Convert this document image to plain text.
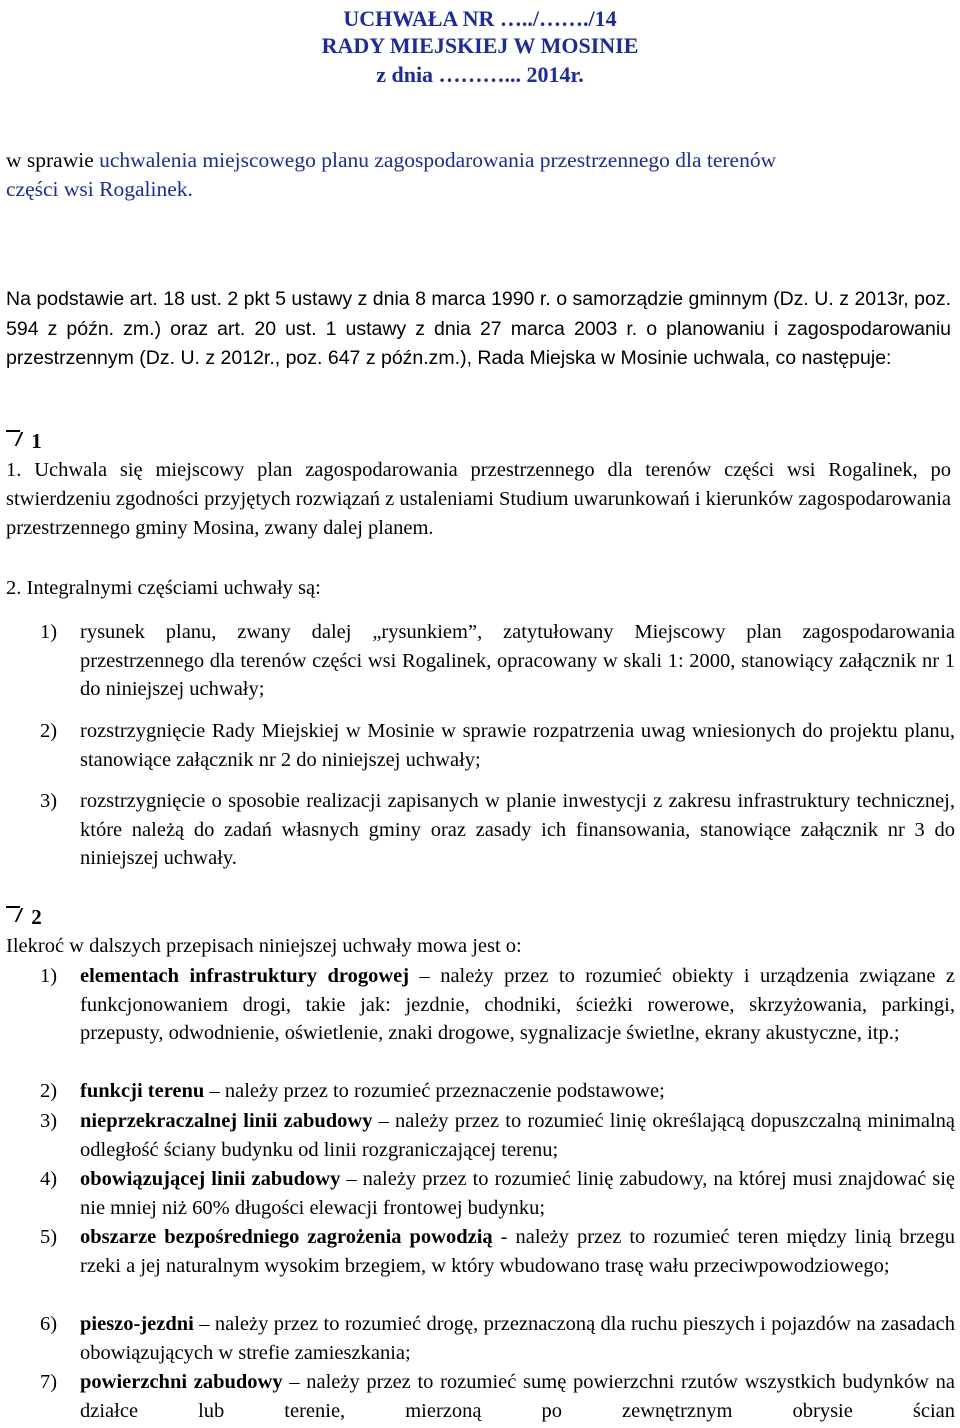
UCHWAŁA NR …../……./14
RADY MIEJSKIEJ W MOSINIE
z dnia ………... 2014r.
w sprawie uchwalenia miejscowego planu zagospodarowania przestrzennego dla terenów
części wsi Rogalinek.
Na podstawie art. 18 ust. 2 pkt 5 ustawy z dnia 8 marca 1990 r. o samorządzie gminnym (Dz. U. z 2013r, poz. 594 z późn. zm.) oraz art. 20 ust. 1 ustawy z dnia 27 marca 2003 r. o planowaniu i zagospodarowaniu przestrzennym (Dz. U. z 2012r., poz. 647 z późn.zm.), Rada Miejska w Mosinie uchwala, co następuje:
1
1. Uchwala się miejscowy plan zagospodarowania przestrzennego dla terenów części wsi Rogalinek, po stwierdzeniu zgodności przyjętych rozwiązań z ustaleniami Studium uwarunkowań i kierunków zagospodarowania przestrzennego gminy Mosina, zwany dalej planem.
2. Integralnymi częściami uchwały są:
1) rysunek planu, zwany dalej „rysunkiem”, zatytułowany Miejscowy plan zagospodarowania przestrzennego dla terenów części wsi Rogalinek, opracowany w skali 1: 2000, stanowiący załącznik nr 1 do niniejszej uchwały;
2) rozstrzygnięcie Rady Miejskiej w Mosinie w sprawie rozpatrzenia uwag wniesionych do projektu planu, stanowiące załącznik nr 2 do niniejszej uchwały;
3) rozstrzygnięcie o sposobie realizacji zapisanych w planie inwestycji z zakresu infrastruktury technicznej, które należą do zadań własnych gminy oraz zasady ich finansowania, stanowiące załącznik nr 3 do niniejszej uchwały.
2
Ilekroć w dalszych przepisach niniejszej uchwały mowa jest o:
1) elementach infrastruktury drogowej – należy przez to rozumieć obiekty i urządzenia związane z funkcjonowaniem drogi, takie jak: jezdnie, chodniki, ścieżki rowerowe, skrzyżowania, parkingi, przepusty, odwodnienie, oświetlenie, znaki drogowe, sygnalizacje świetlne, ekrany akustyczne, itp.;
2) funkcji terenu – należy przez to rozumieć przeznaczenie podstawowe;
3) nieprzekraczalnej linii zabudowy – należy przez to rozumieć linię określającą dopuszczalną minimalną odległość ściany budynku od linii rozgraniczającej terenu;
4) obowiązującej linii zabudowy – należy przez to rozumieć linię zabudowy, na której musi znajdować się nie mniej niż 60% długości elewacji frontowej budynku;
5) obszarze bezpośredniego zagrożenia powodzią - należy przez to rozumieć teren między linią brzegu rzeki a jej naturalnym wysokim brzegiem, w który wbudowano trasę wału przeciwpowodziowego;
6) pieszo-jezdni – należy przez to rozumieć drogę, przeznaczoną dla ruchu pieszych i pojazdów na zasadach obowiązujących w strefie zamieszkania;
7) powierzchni zabudowy – należy przez to rozumieć sumę powierzchni rzutów wszystkich budynków na działce lub terenie, mierzoną po zewnętrznym obrysie ścian
